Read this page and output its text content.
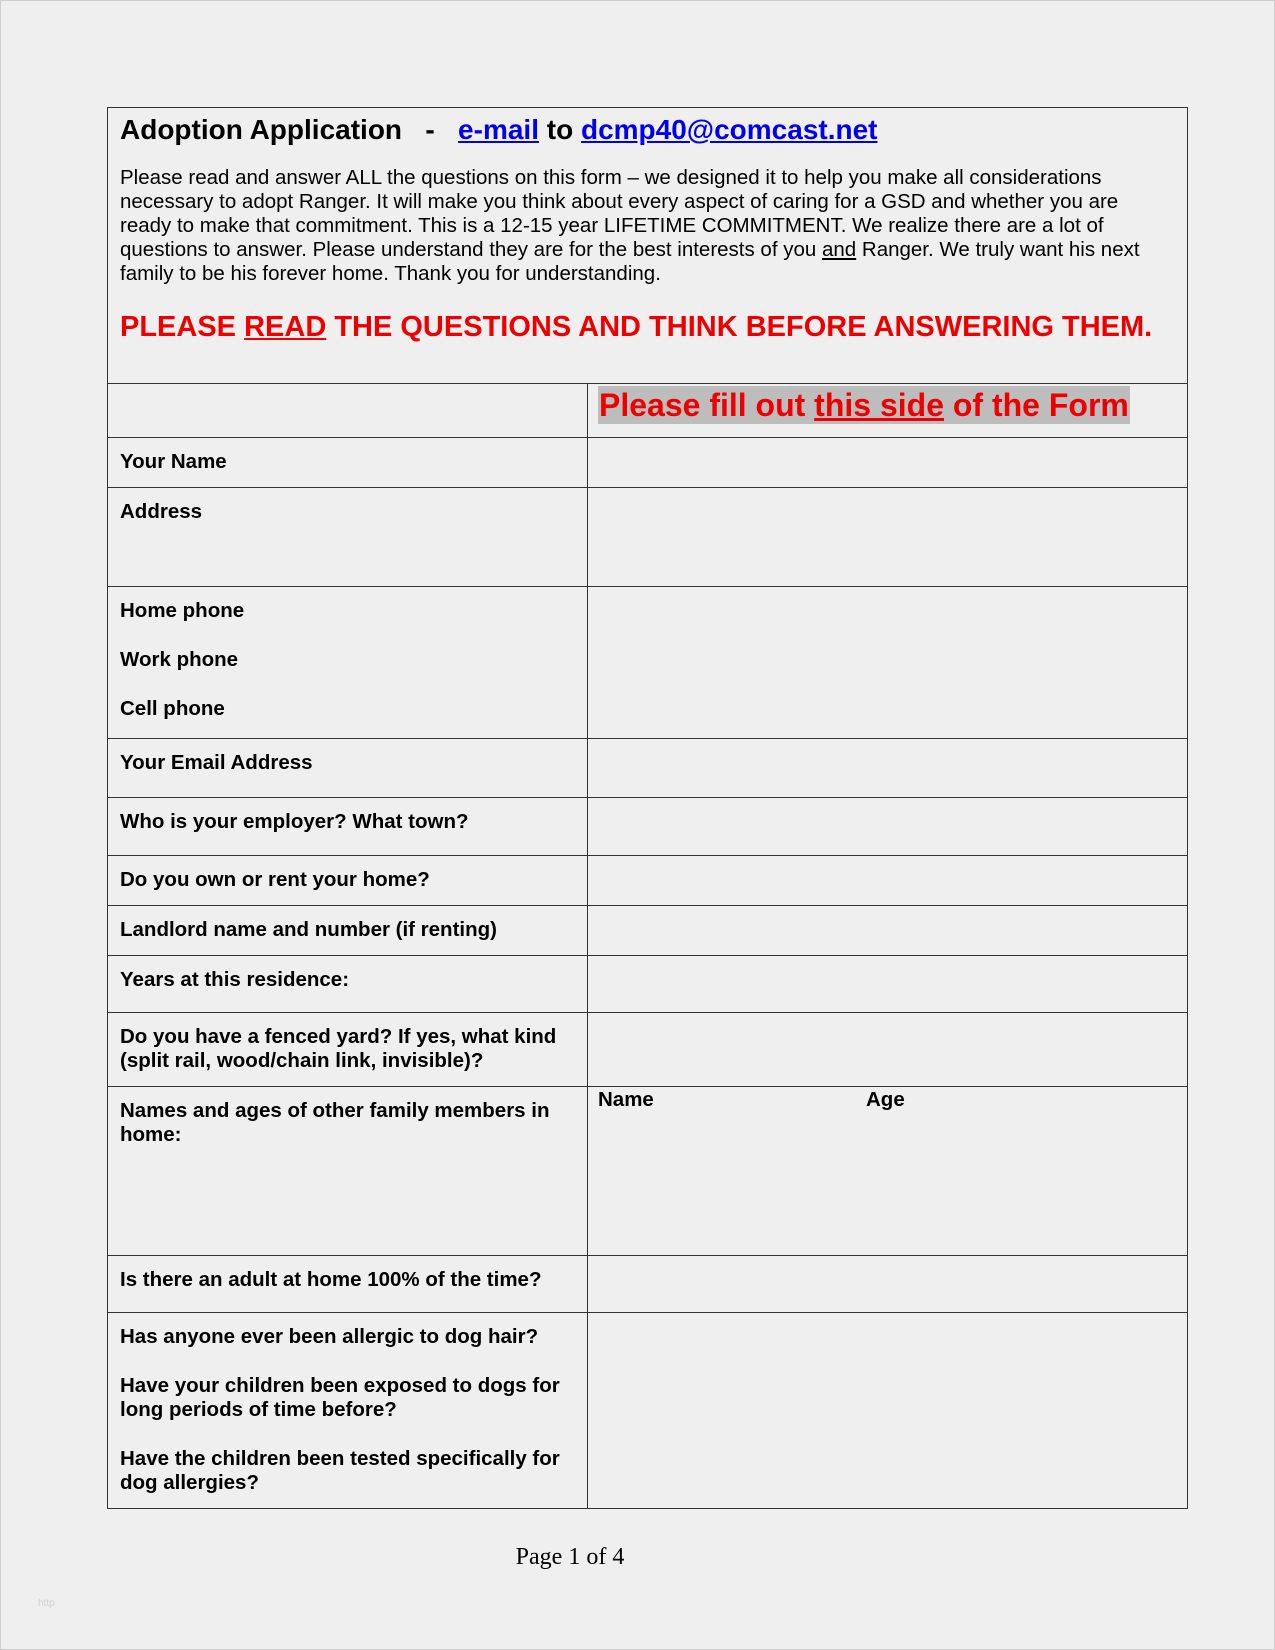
Adoption Application - e-mail to dcmp40@comcast.net
Please read and answer ALL the questions on this form – we designed it to help you make all considerations necessary to adopt Ranger. It will make you think about every aspect of caring for a GSD and whether you are ready to make that commitment. This is a 12-15 year LIFETIME COMMITMENT. We realize there are a lot of questions to answer. Please understand they are for the best interests of you and Ranger. We truly want his next family to be his forever home. Thank you for understanding.
PLEASE READ THE QUESTIONS AND THINK BEFORE ANSWERING THEM.
Please fill out this side of the Form
Your Name
Address
Home phone
Work phone
Cell phone
Your Email Address
Who is your employer? What town?
Do you own or rent your home?
Landlord name and number (if renting)
Years at this residence:
Do you have a fenced yard? If yes, what kind (split rail, wood/chain link, invisible)?
Names and ages of other family members in home:
Name	Age
Is there an adult at home 100% of the time?
Has anyone ever been allergic to dog hair?
Have your children been exposed to dogs for long periods of time before?
Have the children been tested specifically for dog allergies?
Page 1 of 4
http
